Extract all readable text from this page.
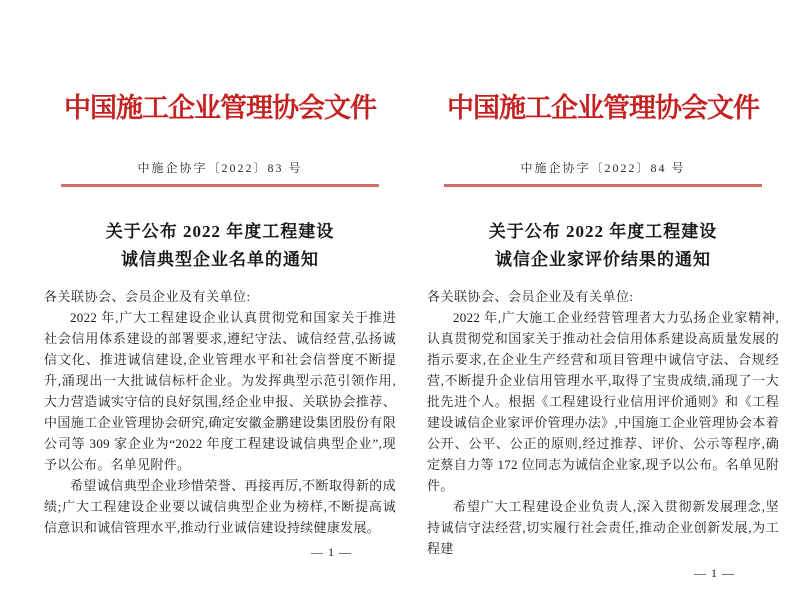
中国施工企业管理协会文件
中施企协字〔2022〕83 号
关于公布 2022 年度工程建设
诚信典型企业名单的通知
各关联协会、会员企业及有关单位:

2022 年,广大工程建设企业认真贯彻党和国家关于推进社会信用体系建设的部署要求,遵纪守法、诚信经营,弘扬诚信文化、推进诚信建设,企业管理水平和社会信誉度不断提升,涌现出一大批诚信标杆企业。为发挥典型示范引领作用,大力营造诚实守信的良好氛围,经企业申报、关联协会推荐、中国施工企业管理协会研究,确定安徽金鹏建设集团股份有限公司等 309 家企业为“2022 年度工程建设诚信典型企业”,现予以公布。名单见附件。

希望诚信典型企业珍惜荣誉、再接再厉,不断取得新的成绩;广大工程建设企业要以诚信典型企业为榜样,不断提高诚信意识和诚信管理水平,推动行业诚信建设持续健康发展。

— 1 —
中国施工企业管理协会文件
中施企协字〔2022〕84 号
关于公布 2022 年度工程建设
诚信企业家评价结果的通知
各关联协会、会员企业及有关单位:

2022 年,广大施工企业经营管理者大力弘扬企业家精神,认真贯彻党和国家关于推动社会信用体系建设高质量发展的指示要求,在企业生产经营和项目管理中诚信守法、合规经营,不断提升企业信用管理水平,取得了宝贵成绩,涌现了一大批先进个人。根据《工程建设行业信用评价通则》和《工程建设诚信企业家评价管理办法》,中国施工企业管理协会本着公开、公平、公正的原则,经过推荐、评价、公示等程序,确定蔡自力等 172 位同志为诚信企业家,现予以公布。名单见附件。

希望广大工程建设企业负责人,深入贯彻新发展理念,坚持诚信守法经营,切实履行社会责任,推动企业创新发展,为工程建

— 1 —
